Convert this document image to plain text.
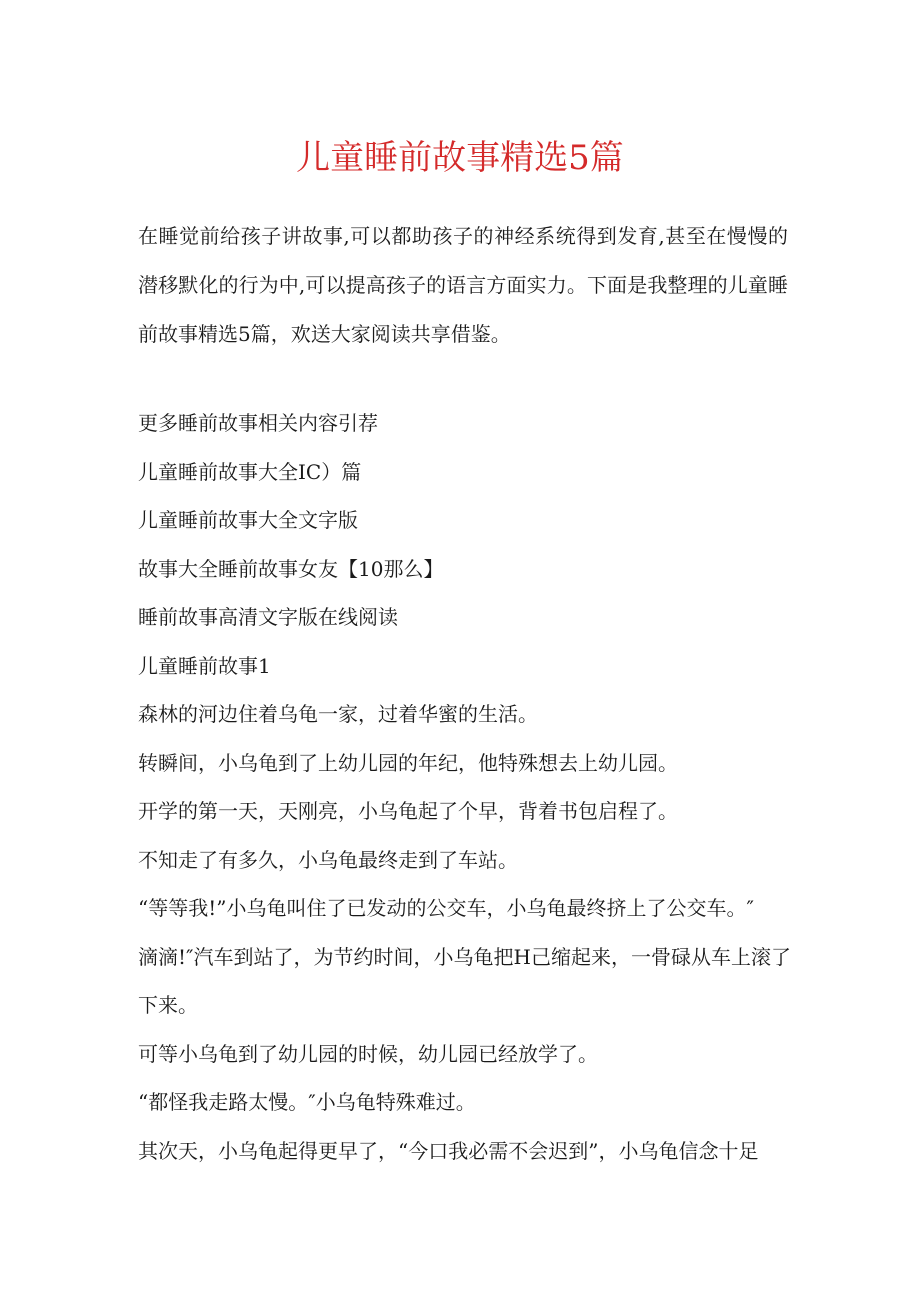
儿童睡前故事精选5篇

在睡觉前给孩子讲故事,可以都助孩子的神经系统得到发育,甚至在慢慢的潜移默化的行为中,可以提高孩子的语言方面实力。下面是我整理的儿童睡前故事精选5篇，欢送大家阅读共享借鉴。

更多睡前故事相关内容引荐
儿童睡前故事大全IC）篇
儿童睡前故事大全文字版
故事大全睡前故事女友【10那么】
睡前故事高清文字版在线阅读
儿童睡前故事1
森林的河边住着乌龟一家，过着华蜜的生活。
转瞬间，小乌龟到了上幼儿园的年纪，他特殊想去上幼儿园。
开学的第一天，天刚亮，小乌龟起了个早，背着书包启程了。
不知走了有多久，小乌龟最终走到了车站。
“等等我!”小乌龟叫住了已发动的公交车，小乌龟最终挤上了公交车。″
滴滴!″汽车到站了，为节约时间，小乌龟把H己缩起来，一骨碌从车上滚了下来。
可等小乌龟到了幼儿园的时候，幼儿园已经放学了。
“都怪我走路太慢。″小乌龟特殊难过。
其次天，小乌龟起得更早了，“今口我必需不会迟到”，小乌龟信念十足
